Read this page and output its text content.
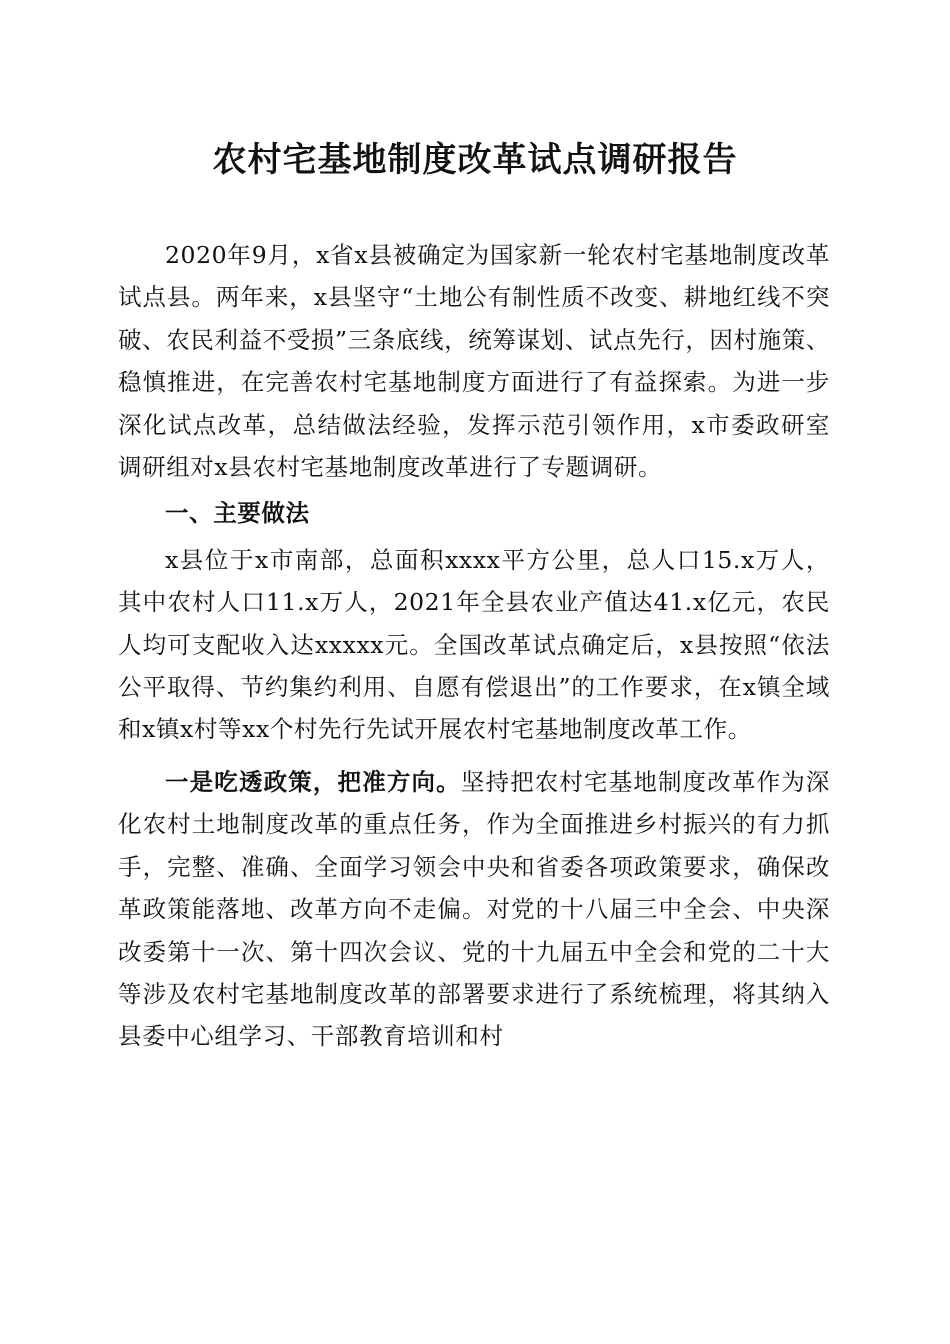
农村宅基地制度改革试点调研报告

2020年9月，x省x县被确定为国家新一轮农村宅基地制度改革试点县。两年来，x县坚守“土地公有制性质不改变、耕地红线不突破、农民利益不受损”三条底线，统筹谋划、试点先行，因村施策、稳慎推进，在完善农村宅基地制度方面进行了有益探索。为进一步深化试点改革，总结做法经验，发挥示范引领作用，x市委政研室调研组对x县农村宅基地制度改革进行了专题调研。

一、主要做法

x县位于x市南部，总面积xxxx平方公里，总人口15.x万人，其中农村人口11.x万人，2021年全县农业产值达41.x亿元，农民人均可支配收入达xxxxx元。全国改革试点确定后，x县按照“依法公平取得、节约集约利用、自愿有偿退出”的工作要求，在x镇全域和x镇x村等xx个村先行先试开展农村宅基地制度改革工作。

一是吃透政策，把准方向。坚持把农村宅基地制度改革作为深化农村土地制度改革的重点任务，作为全面推进乡村振兴的有力抓手，完整、准确、全面学习领会中央和省委各项政策要求，确保改革政策能落地、改革方向不走偏。对党的十八届三中全会、中央深改委第十一次、第十四次会议、党的十九届五中全会和党的二十大等涉及农村宅基地制度改革的部署要求进行了系统梳理，将其纳入县委中心组学习、干部教育培训和村
